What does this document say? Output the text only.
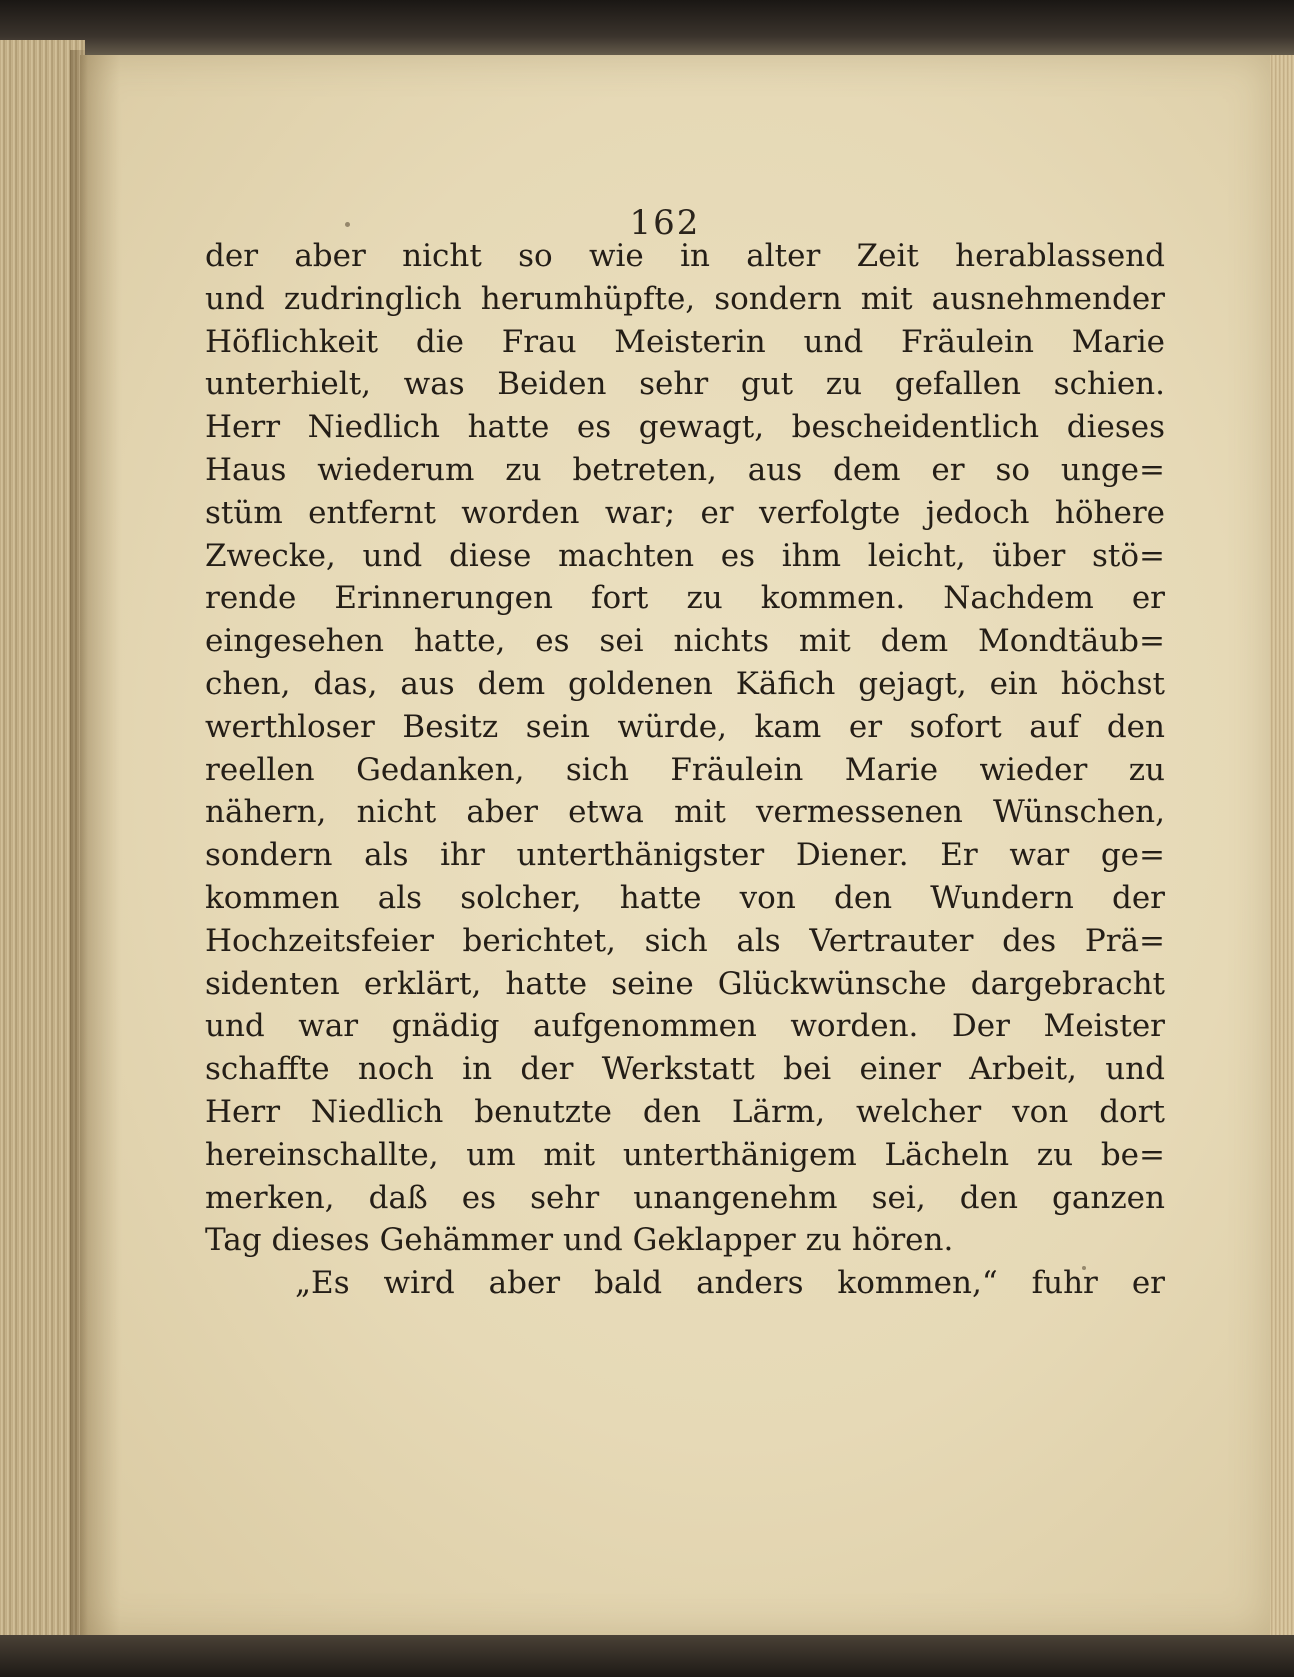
162
der aber nicht so wie in alter Zeit herablassend
und zudringlich herumhüpfte, sondern mit ausnehmender
Höflichkeit die Frau Meisterin und Fräulein Marie
unterhielt, was Beiden sehr gut zu gefallen schien.
Herr Niedlich hatte es gewagt, bescheidentlich dieses
Haus wiederum zu betreten, aus dem er so unge=
stüm entfernt worden war; er verfolgte jedoch höhere
Zwecke, und diese machten es ihm leicht, über stö=
rende Erinnerungen fort zu kommen. Nachdem er
eingesehen hatte, es sei nichts mit dem Mondtäub=
chen, das, aus dem goldenen Käfich gejagt, ein höchst
werthloser Besitz sein würde, kam er sofort auf den
reellen Gedanken, sich Fräulein Marie wieder zu
nähern, nicht aber etwa mit vermessenen Wünschen,
sondern als ihr unterthänigster Diener. Er war ge=
kommen als solcher, hatte von den Wundern der
Hochzeitsfeier berichtet, sich als Vertrauter des Prä=
sidenten erklärt, hatte seine Glückwünsche dargebracht
und war gnädig aufgenommen worden. Der Meister
schaffte noch in der Werkstatt bei einer Arbeit, und
Herr Niedlich benutzte den Lärm, welcher von dort
hereinschallte, um mit unterthänigem Lächeln zu be=
merken, daß es sehr unangenehm sei, den ganzen
Tag dieses Gehämmer und Geklapper zu hören.
„Es wird aber bald anders kommen,“ fuhr er
